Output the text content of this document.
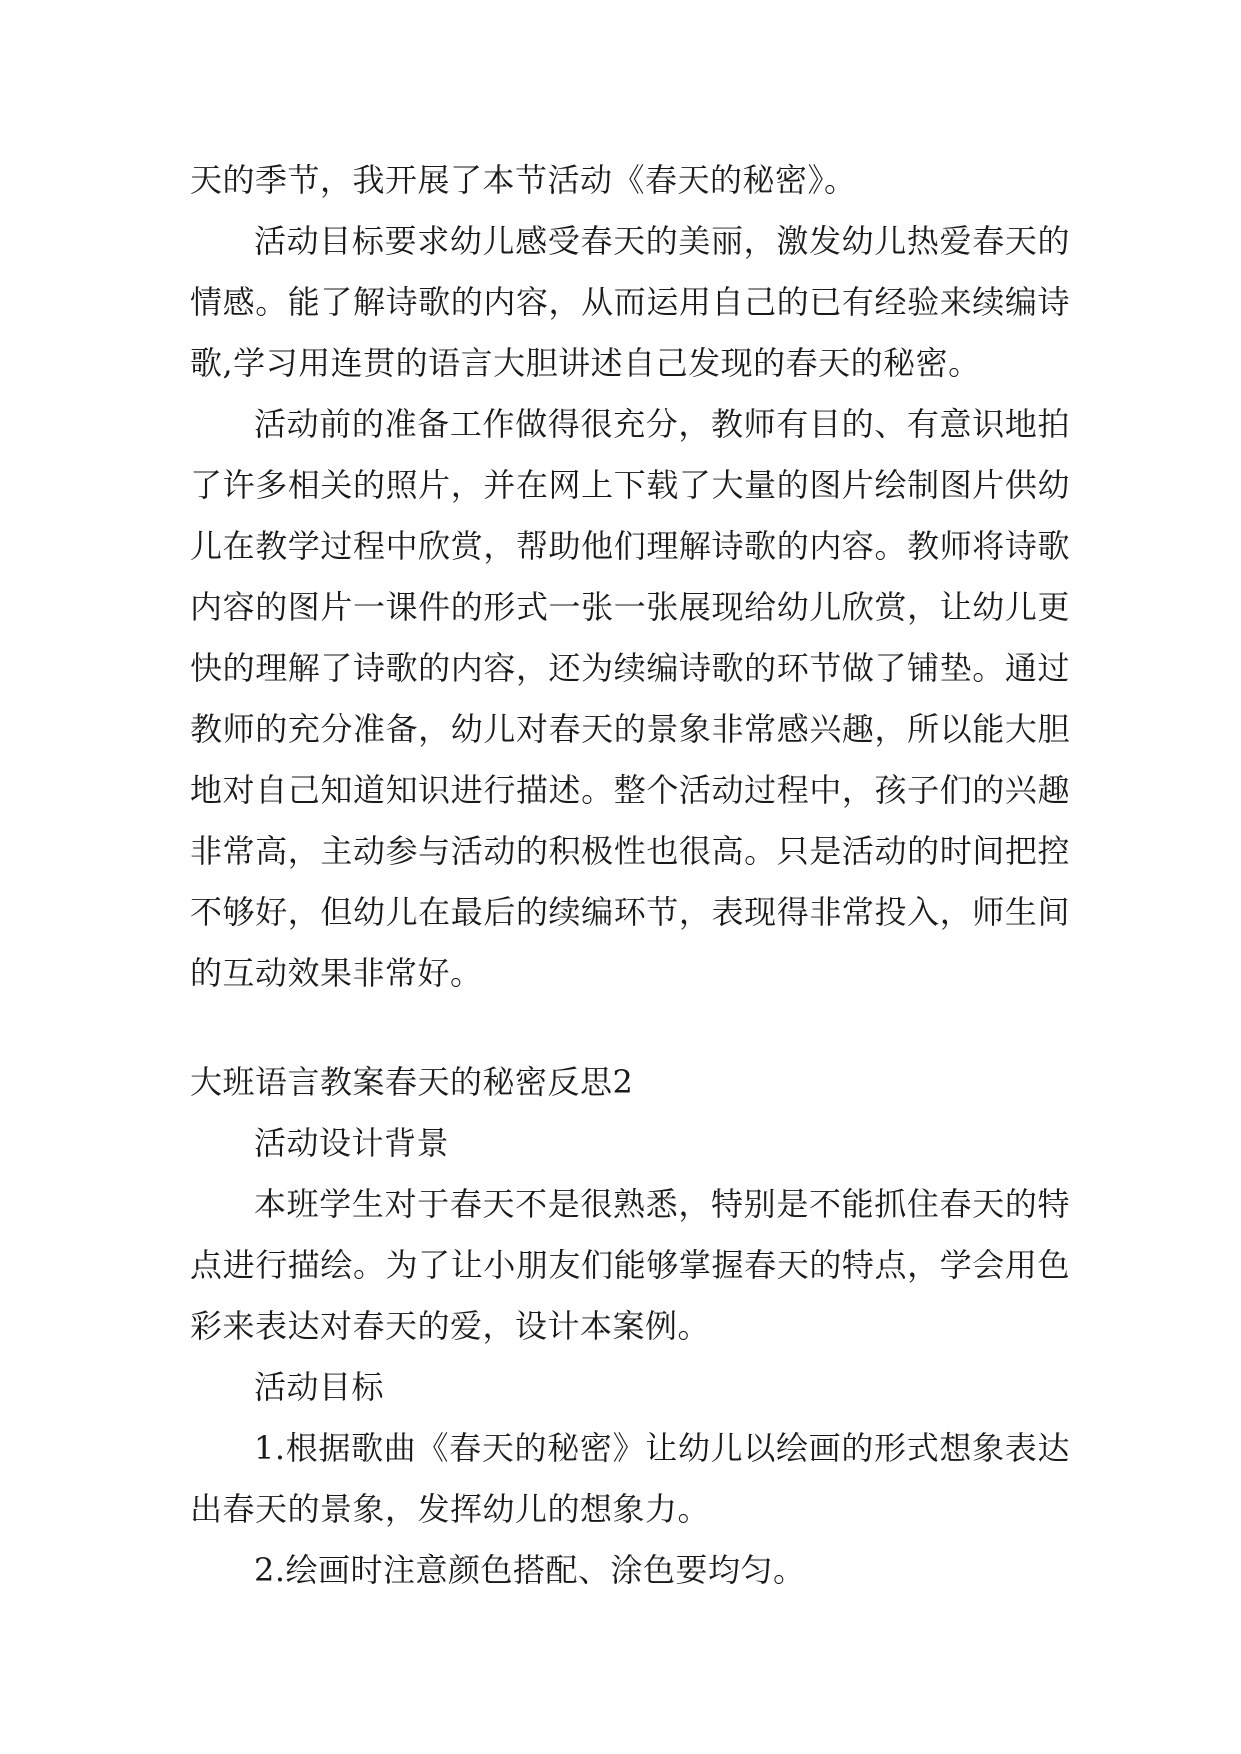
天的季节，我开展了本节活动《春天的秘密》。

活动目标要求幼儿感受春天的美丽，激发幼儿热爱春天的情感。能了解诗歌的内容，从而运用自己的已有经验来续编诗歌,学习用连贯的语言大胆讲述自己发现的春天的秘密。

活动前的准备工作做得很充分，教师有目的、有意识地拍了许多相关的照片，并在网上下载了大量的图片绘制图片供幼儿在教学过程中欣赏，帮助他们理解诗歌的内容。教师将诗歌内容的图片一课件的形式一张一张展现给幼儿欣赏，让幼儿更快的理解了诗歌的内容，还为续编诗歌的环节做了铺垫。通过教师的充分准备，幼儿对春天的景象非常感兴趣，所以能大胆地对自己知道知识进行描述。整个活动过程中，孩子们的兴趣非常高，主动参与活动的积极性也很高。只是活动的时间把控不够好，但幼儿在最后的续编环节，表现得非常投入，师生间的互动效果非常好。

大班语言教案春天的秘密反思2

活动设计背景

本班学生对于春天不是很熟悉，特别是不能抓住春天的特点进行描绘。为了让小朋友们能够掌握春天的特点，学会用色彩来表达对春天的爱，设计本案例。

活动目标

1.根据歌曲《春天的秘密》让幼儿以绘画的形式想象表达出春天的景象，发挥幼儿的想象力。

2.绘画时注意颜色搭配、涂色要均匀。
